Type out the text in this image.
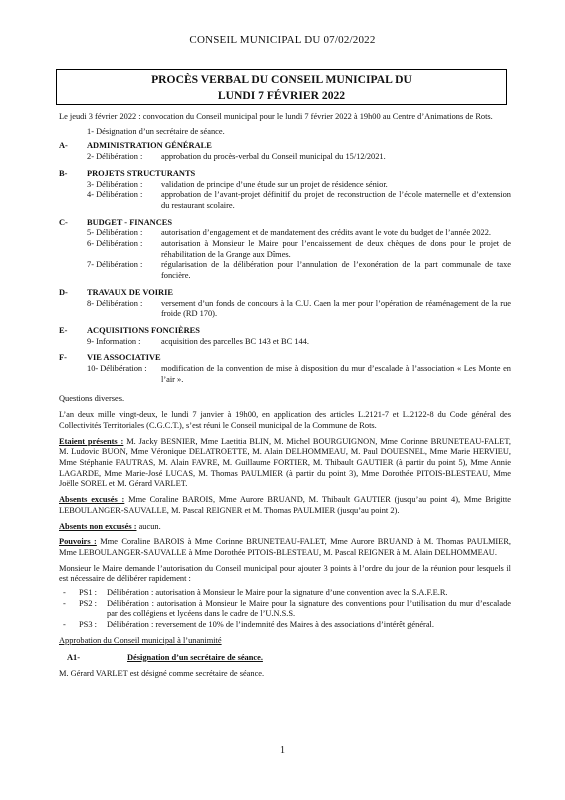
CONSEIL MUNICIPAL DU 07/02/2022
PROCÈS VERBAL DU CONSEIL MUNICIPAL DU
LUNDI 7 FÉVRIER 2022

Le jeudi 3 février 2022 : convocation du Conseil municipal pour le lundi 7 février 2022 à 19h00 au Centre d’Animations de Rots.

1- Désignation d’un secrétaire de séance.

A-	ADMINISTRATION GÉNÉRALE
2- Délibération :	approbation du procès-verbal du Conseil municipal du 15/12/2021.
B-	PROJETS STRUCTURANTS
3- Délibération :	validation de principe d’une étude sur un projet de résidence sénior.
4- Délibération :	approbation de l’avant-projet définitif du projet de reconstruction de l’école maternelle et d’extension du restaurant scolaire.
C-	BUDGET - FINANCES
5- Délibération :	autorisation d’engagement et de mandatement des crédits avant le vote du budget de l’année 2022.
6- Délibération :	autorisation à Monsieur le Maire pour l’encaissement de deux chèques de dons pour le projet de réhabilitation de la Grange aux Dîmes.
7- Délibération :	régularisation de la délibération pour l’annulation de l’exonération de la part communale de taxe foncière.
D-	TRAVAUX DE VOIRIE
8- Délibération :	versement d’un fonds de concours à la C.U. Caen la mer pour l’opération de réaménagement de la rue froide (RD 170).
E-	ACQUISITIONS FONCIÈRES
9- Information :	acquisition des parcelles BC 143 et BC 144.
F-	VIE ASSOCIATIVE
10- Délibération :	modification de la convention de mise à disposition du mur d’escalade à l’association « Les Monte en l’air ».

Questions diverses.

L’an deux mille vingt-deux, le lundi 7 janvier à 19h00, en application des articles L.2121-7 et L.2122-8 du Code général des Collectivités Territoriales (C.G.C.T.), s’est réuni le Conseil municipal de la Commune de Rots.

Etaient présents : M. Jacky BESNIER, Mme Laetitia BLIN, M. Michel BOURGUIGNON, Mme Corinne BRUNETEAU-FALET, M. Ludovic BUON, Mme Véronique DELATROETTE, M. Alain DELHOMMEAU, M. Paul DOUESNEL, Mme Marie HERVIEU, Mme Stéphanie FAUTRAS, M. Alain FAVRE, M. Guillaume FORTIER, M. Thibault GAUTIER (à partir du point 5), Mme Annie LAGARDE, Mme Marie-José LUCAS, M. Thomas PAULMIER (à partir du point 3), Mme Dorothée PITOIS-BLESTEAU, Mme Joëlle SOREL et M. Gérard VARLET.

Absents excusés : Mme Coraline BAROIS, Mme Aurore BRUAND, M. Thibault GAUTIER (jusqu’au point 4), Mme Brigitte LEBOULANGER-SAUVALLE, M. Pascal REIGNER et M. Thomas PAULMIER (jusqu’au point 2).

Absents non excusés : aucun.

Pouvoirs : Mme Coraline BAROIS à Mme Corinne BRUNETEAU-FALET, Mme Aurore BRUAND à M. Thomas PAULMIER, Mme LEBOULANGER-SAUVALLE à Mme Dorothée PITOIS-BLESTEAU, M. Pascal REIGNER à M. Alain DELHOMMEAU.

Monsieur le Maire demande l’autorisation du Conseil municipal pour ajouter 3 points à l’ordre du jour de la réunion pour lesquels il est nécessaire de délibérer rapidement :

-	PS1 :	Délibération : autorisation à Monsieur le Maire pour la signature d’une convention avec la S.A.F.E.R.
-	PS2 :	Délibération : autorisation à Monsieur le Maire pour la signature des conventions pour l’utilisation du mur d’escalade par des collégiens et lycéens dans le cadre de l’U.N.S.S.
-	PS3 :	Délibération : reversement de 10% de l’indemnité des Maires à des associations d’intérêt général.

Approbation du Conseil municipal à l’unanimité

A1-	Désignation d’un secrétaire de séance.

M. Gérard VARLET est désigné comme secrétaire de séance.

1
